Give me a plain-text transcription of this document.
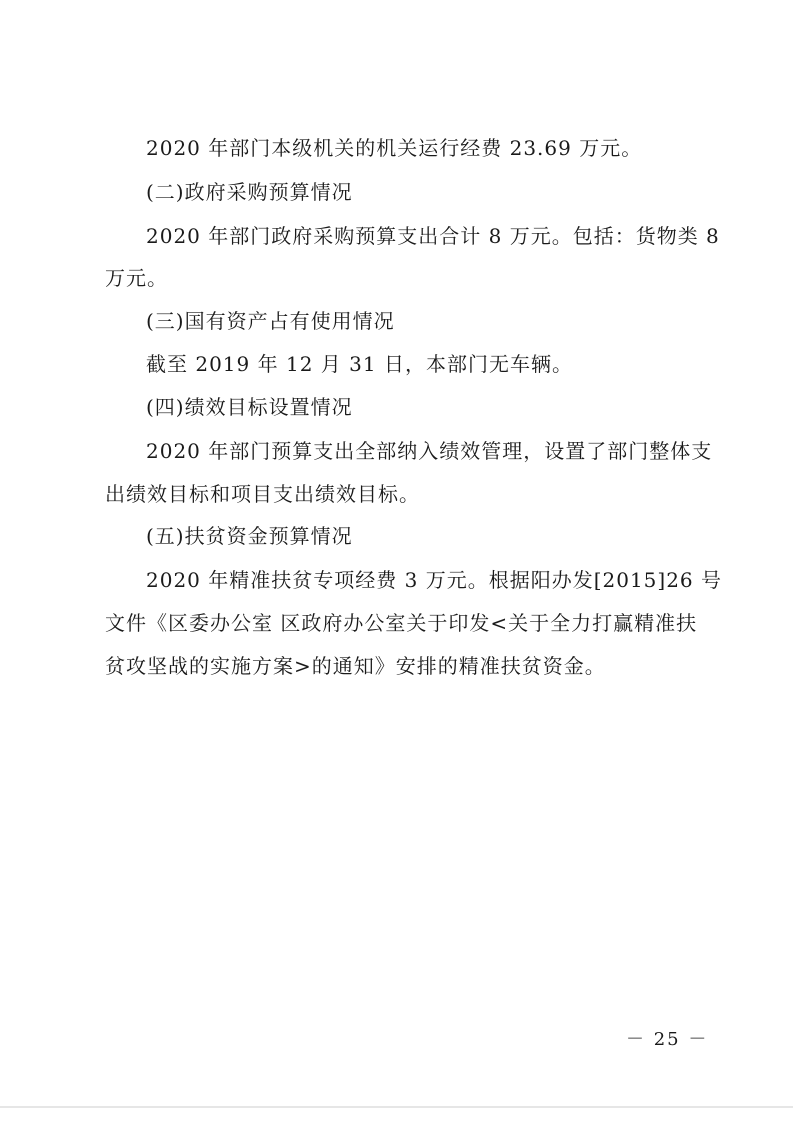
2020 年部门本级机关的机关运行经费 23.69 万元。
(二)政府采购预算情况
2020 年部门政府采购预算支出合计 8 万元。包括：货物类 8
万元。
(三)国有资产占有使用情况
截至 2019 年 12 月 31 日，本部门无车辆。
(四)绩效目标设置情况
2020 年部门预算支出全部纳入绩效管理，设置了部门整体支
出绩效目标和项目支出绩效目标。
(五)扶贫资金预算情况
2020 年精准扶贫专项经费 3 万元。根据阳办发[2015]26 号
文件《区委办公室 区政府办公室关于印发<关于全力打赢精准扶
贫攻坚战的实施方案>的通知》安排的精准扶贫资金。
－ 25 －
